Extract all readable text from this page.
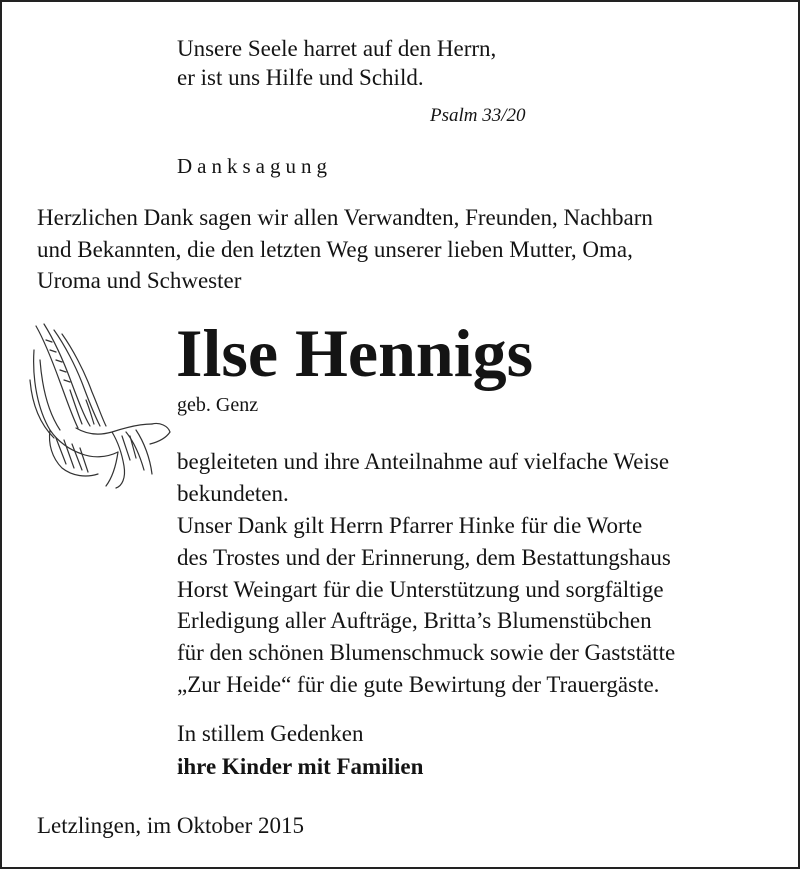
Unsere Seele harret auf den Herrn,
er ist uns Hilfe und Schild.
Psalm 33/20
Danksagung
Herzlichen Dank sagen wir allen Verwandten, Freunden, Nachbarn
und Bekannten, die den letzten Weg unserer lieben Mutter, Oma,
Uroma und Schwester
Ilse Hennigs
geb. Genz
begleiteten und ihre Anteilnahme auf vielfache Weise
bekundeten.
Unser Dank gilt Herrn Pfarrer Hinke für die Worte
des Trostes und der Erinnerung, dem Bestattungshaus
Horst Weingart für die Unterstützung und sorgfältige
Erledigung aller Aufträge, Britta’s Blumenstübchen
für den schönen Blumenschmuck sowie der Gaststätte
„Zur Heide“ für die gute Bewirtung der Trauergäste.
In stillem Gedenken
ihre Kinder mit Familien
Letzlingen, im Oktober 2015
